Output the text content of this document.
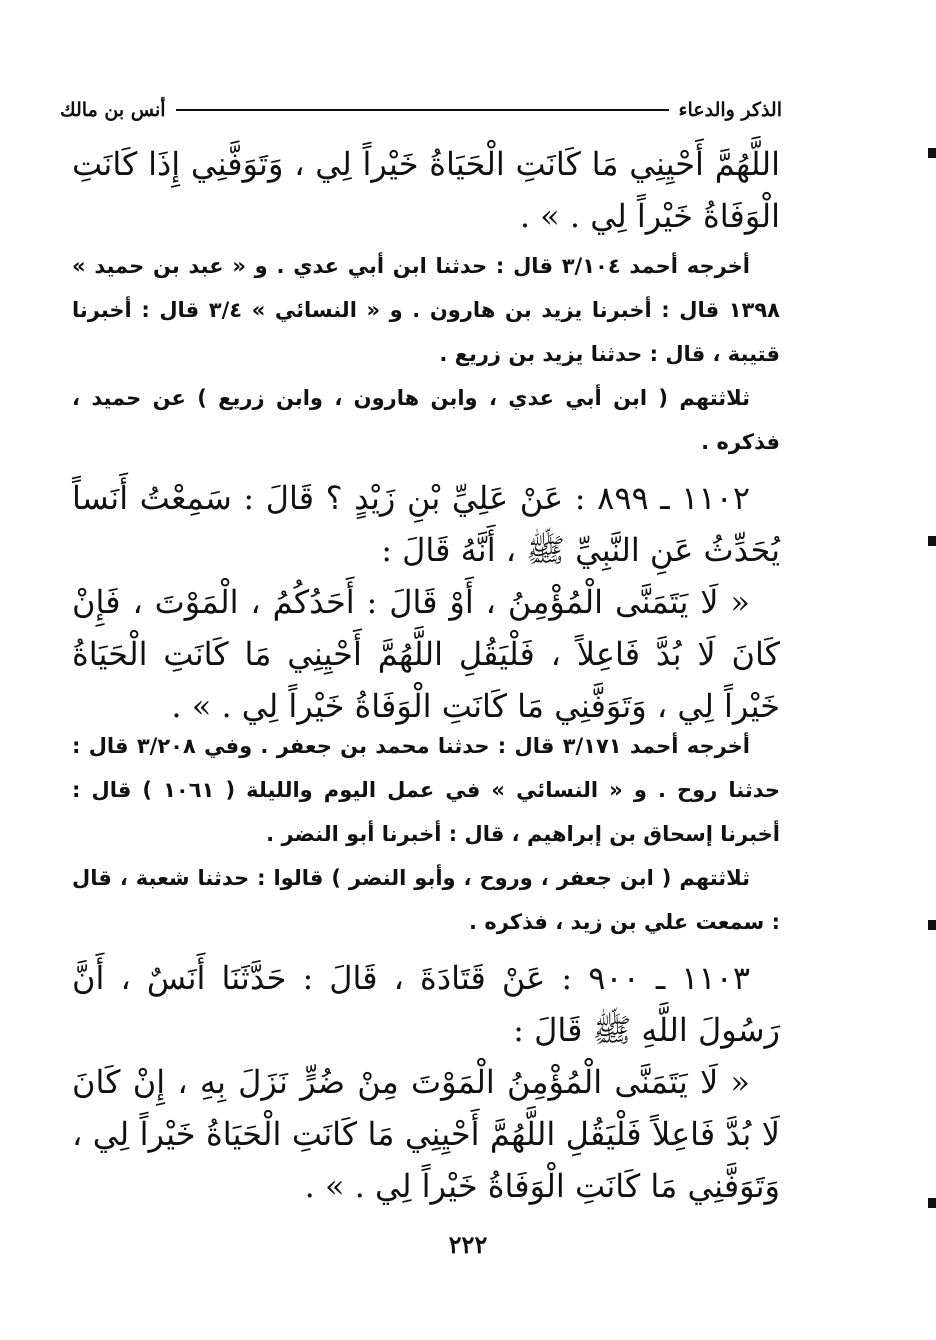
الذكر والدعاء
أنس بن مالك
اللَّهُمَّ أَحْيِنِي مَا كَانَتِ الْحَيَاةُ خَيْراً لِي ، وَتَوَفَّنِي إِذَا كَانَتِ الْوَفَاةُ خَيْراً لِي . » .
أخرجه أحمد ٣/١٠٤ قال : حدثنا ابن أبي عدي . و « عبد بن حميد » ١٣٩٨ قال : أخبرنا يزيد بن هارون . و « النسائي » ٣/٤ قال : أخبرنا قتيبة ، قال : حدثنا يزيد بن زريع .
ثلاثتهم ( ابن أبي عدي ، وابن هارون ، وابن زريع ) عن حميد ، فذكره .
١١٠٢ ـ ٨٩٩ : عَنْ عَلِيِّ بْنِ زَيْدٍ ؟ قَالَ : سَمِعْتُ أَنَساً يُحَدِّثُ عَنِ النَّبِيِّ ﷺ ، أَنَّهُ قَالَ :
« لَا يَتَمَنَّى الْمُؤْمِنُ ، أَوْ قَالَ : أَحَدُكُمُ ، الْمَوْتَ ، فَإِنْ كَانَ لَا بُدَّ فَاعِلاً ، فَلْيَقُلِ اللَّهُمَّ أَحْيِنِي مَا كَانَتِ الْحَيَاةُ خَيْراً لِي ، وَتَوَفَّنِي مَا كَانَتِ الْوَفَاةُ خَيْراً لِي . » .
أخرجه أحمد ٣/١٧١ قال : حدثنا محمد بن جعفر . وفي ٣/٢٠٨ قال : حدثنا روح . و « النسائي » في عمل اليوم والليلة ( ١٠٦١ ) قال : أخبرنا إسحاق بن إبراهيم ، قال : أخبرنا أبو النضر .
ثلاثتهم ( ابن جعفر ، وروح ، وأبو النضر ) قالوا : حدثنا شعبة ، قال : سمعت علي بن زيد ، فذكره .
١١٠٣ ـ ٩٠٠ : عَنْ قَتَادَةَ ، قَالَ : حَدَّثَنَا أَنَسٌ ، أَنَّ رَسُولَ اللَّهِ ﷺ قَالَ :
« لَا يَتَمَنَّى الْمُؤْمِنُ الْمَوْتَ مِنْ ضُرٍّ نَزَلَ بِهِ ، إِنْ كَانَ لَا بُدَّ فَاعِلاً فَلْيَقُلِ اللَّهُمَّ أَحْيِنِي مَا كَانَتِ الْحَيَاةُ خَيْراً لِي ، وَتَوَفَّنِي مَا كَانَتِ الْوَفَاةُ خَيْراً لِي . » .
٢٢٢
